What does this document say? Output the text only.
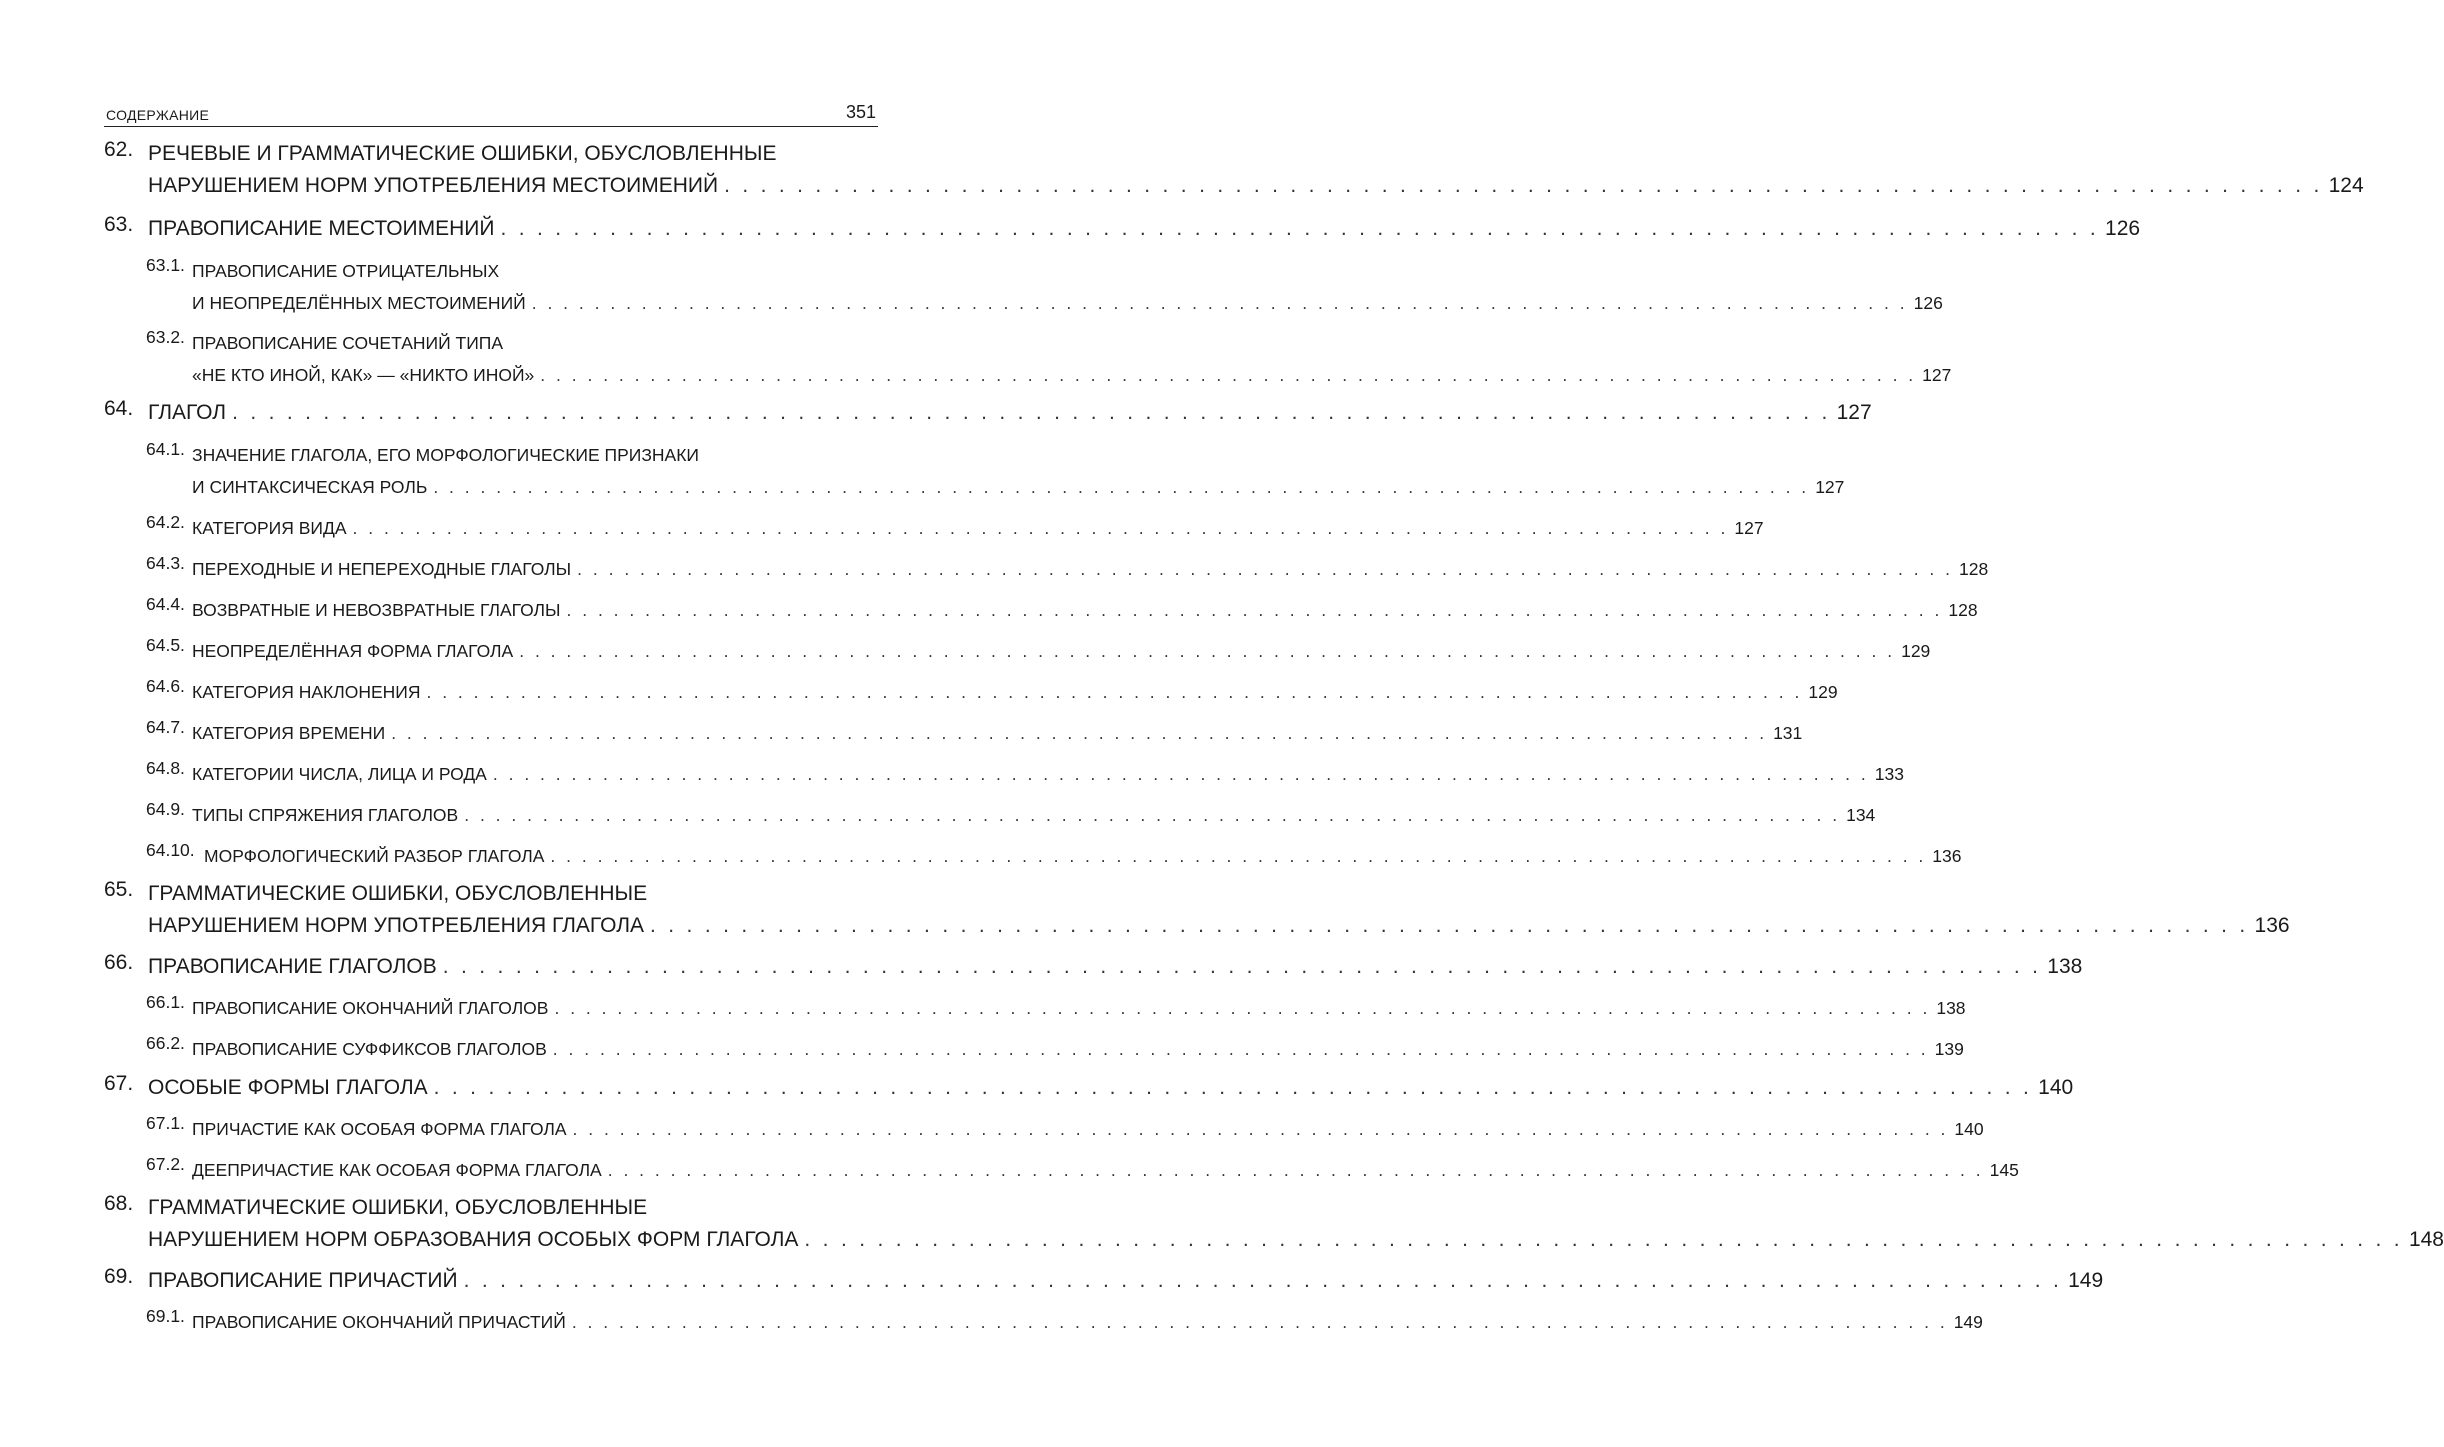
СОДЕРЖАНИЕ	351
62. РЕЧЕВЫЕ И ГРАММАТИЧЕСКИЕ ОШИБКИ, ОБУСЛОВЛЕННЫЕ
НАРУШЕНИЕМ НОРМ УПОТРЕБЛЕНИЯ МЕСТОИМЕНИЙ . . . . . . . . . . . . . . . . . . . . . . . . . . . . . . . . . . . . . . . . . . . . . . . . . . . . . . . . . . . . . . . . . . . . . . . . . . . . . . . . . . . . . . . . 124
63. ПРАВОПИСАНИЕ МЕСТОИМЕНИЙ . . . . . . . . . . . . . . . . . . . . . . . . . . . . . . . . . . . . . . . . . . . . . . . . . . . . . . . . . . . . . . . . . . . . . . . . . . . . . . . . . . . . . . . . 126
63.1. ПРАВОПИСАНИЕ ОТРИЦАТЕЛЬНЫХ
И НЕОПРЕДЕЛЁННЫХ МЕСТОИМЕНИЙ . . . . . . . . . . . . . . . . . . . . . . . . . . . . . . . . . . . . . . . . . . . . . . . . . . . . . . . . . . . . . . . . . . . . . . . . . . . . . . . . . . . . . . . . 126
63.2. ПРАВОПИСАНИЕ СОЧЕТАНИЙ ТИПА
«НЕ КТО ИНОЙ, КАК» — «НИКТО ИНОЙ» . . . . . . . . . . . . . . . . . . . . . . . . . . . . . . . . . . . . . . . . . . . . . . . . . . . . . . . . . . . . . . . . . . . . . . . . . . . . . . . . . . . . . . . . 127
64. ГЛАГОЛ . . . . . . . . . . . . . . . . . . . . . . . . . . . . . . . . . . . . . . . . . . . . . . . . . . . . . . . . . . . . . . . . . . . . . . . . . . . . . . . . . . . . . . . . 127
64.1. ЗНАЧЕНИЕ ГЛАГОЛА, ЕГО МОРФОЛОГИЧЕСКИЕ ПРИЗНАКИ
И СИНТАКСИЧЕСКАЯ РОЛЬ . . . . . . . . . . . . . . . . . . . . . . . . . . . . . . . . . . . . . . . . . . . . . . . . . . . . . . . . . . . . . . . . . . . . . . . . . . . . . . . . . . . . . . . . 127
64.2. КАТЕГОРИЯ ВИДА . . . . . . . . . . . . . . . . . . . . . . . . . . . . . . . . . . . . . . . . . . . . . . . . . . . . . . . . . . . . . . . . . . . . . . . . . . . . . . . . . . . . . . . . 127
64.3. ПЕРЕХОДНЫЕ И НЕПЕРЕХОДНЫЕ ГЛАГОЛЫ . . . . . . . . . . . . . . . . . . . . . . . . . . . . . . . . . . . . . . . . . . . . . . . . . . . . . . . . . . . . . . . . . . . . . . . . . . . . . . . . . . . . . . . . 128
64.4. ВОЗВРАТНЫЕ И НЕВОЗВРАТНЫЕ ГЛАГОЛЫ . . . . . . . . . . . . . . . . . . . . . . . . . . . . . . . . . . . . . . . . . . . . . . . . . . . . . . . . . . . . . . . . . . . . . . . . . . . . . . . . . . . . . . . . 128
64.5. НЕОПРЕДЕЛЁННАЯ ФОРМА ГЛАГОЛА . . . . . . . . . . . . . . . . . . . . . . . . . . . . . . . . . . . . . . . . . . . . . . . . . . . . . . . . . . . . . . . . . . . . . . . . . . . . . . . . . . . . . . . . 129
64.6. КАТЕГОРИЯ НАКЛОНЕНИЯ . . . . . . . . . . . . . . . . . . . . . . . . . . . . . . . . . . . . . . . . . . . . . . . . . . . . . . . . . . . . . . . . . . . . . . . . . . . . . . . . . . . . . . . . 129
64.7. КАТЕГОРИЯ ВРЕМЕНИ . . . . . . . . . . . . . . . . . . . . . . . . . . . . . . . . . . . . . . . . . . . . . . . . . . . . . . . . . . . . . . . . . . . . . . . . . . . . . . . . . . . . . . . . 131
64.8. КАТЕГОРИИ ЧИСЛА, ЛИЦА И РОДА . . . . . . . . . . . . . . . . . . . . . . . . . . . . . . . . . . . . . . . . . . . . . . . . . . . . . . . . . . . . . . . . . . . . . . . . . . . . . . . . . . . . . . . . 133
64.9. ТИПЫ СПРЯЖЕНИЯ ГЛАГОЛОВ . . . . . . . . . . . . . . . . . . . . . . . . . . . . . . . . . . . . . . . . . . . . . . . . . . . . . . . . . . . . . . . . . . . . . . . . . . . . . . . . . . . . . . . . 134
64.10. МОРФОЛОГИЧЕСКИЙ РАЗБОР ГЛАГОЛА . . . . . . . . . . . . . . . . . . . . . . . . . . . . . . . . . . . . . . . . . . . . . . . . . . . . . . . . . . . . . . . . . . . . . . . . . . . . . . . . . . . . . . . . 136
65. ГРАММАТИЧЕСКИЕ ОШИБКИ, ОБУСЛОВЛЕННЫЕ
НАРУШЕНИЕМ НОРМ УПОТРЕБЛЕНИЯ ГЛАГОЛА . . . . . . . . . . . . . . . . . . . . . . . . . . . . . . . . . . . . . . . . . . . . . . . . . . . . . . . . . . . . . . . . . . . . . . . . . . . . . . . . . . . . . . . . 136
66. ПРАВОПИСАНИЕ ГЛАГОЛОВ . . . . . . . . . . . . . . . . . . . . . . . . . . . . . . . . . . . . . . . . . . . . . . . . . . . . . . . . . . . . . . . . . . . . . . . . . . . . . . . . . . . . . . . . 138
66.1. ПРАВОПИСАНИЕ ОКОНЧАНИЙ ГЛАГОЛОВ . . . . . . . . . . . . . . . . . . . . . . . . . . . . . . . . . . . . . . . . . . . . . . . . . . . . . . . . . . . . . . . . . . . . . . . . . . . . . . . . . . . . . . . . 138
66.2. ПРАВОПИСАНИЕ СУФФИКСОВ ГЛАГОЛОВ . . . . . . . . . . . . . . . . . . . . . . . . . . . . . . . . . . . . . . . . . . . . . . . . . . . . . . . . . . . . . . . . . . . . . . . . . . . . . . . . . . . . . . . . 139
67. ОСОБЫЕ ФОРМЫ ГЛАГОЛА . . . . . . . . . . . . . . . . . . . . . . . . . . . . . . . . . . . . . . . . . . . . . . . . . . . . . . . . . . . . . . . . . . . . . . . . . . . . . . . . . . . . . . . . 140
67.1. ПРИЧАСТИЕ КАК ОСОБАЯ ФОРМА ГЛАГОЛА . . . . . . . . . . . . . . . . . . . . . . . . . . . . . . . . . . . . . . . . . . . . . . . . . . . . . . . . . . . . . . . . . . . . . . . . . . . . . . . . . . . . . . . . 140
67.2. ДЕЕПРИЧАСТИЕ КАК ОСОБАЯ ФОРМА ГЛАГОЛА . . . . . . . . . . . . . . . . . . . . . . . . . . . . . . . . . . . . . . . . . . . . . . . . . . . . . . . . . . . . . . . . . . . . . . . . . . . . . . . . . . . . . . . . 145
68. ГРАММАТИЧЕСКИЕ ОШИБКИ, ОБУСЛОВЛЕННЫЕ
НАРУШЕНИЕМ НОРМ ОБРАЗОВАНИЯ ОСОБЫХ ФОРМ ГЛАГОЛА . . . . . . . . . . . . . . . . . . . . . . . . . . . . . . . . . . . . . . . . . . . . . . . . . . . . . . . . . . . . . . . . . . . . . . . . . . . . . . . . . . . . . . . . 148
69. ПРАВОПИСАНИЕ ПРИЧАСТИЙ . . . . . . . . . . . . . . . . . . . . . . . . . . . . . . . . . . . . . . . . . . . . . . . . . . . . . . . . . . . . . . . . . . . . . . . . . . . . . . . . . . . . . . . . 149
69.1. ПРАВОПИСАНИЕ ОКОНЧАНИЙ ПРИЧАСТИЙ . . . . . . . . . . . . . . . . . . . . . . . . . . . . . . . . . . . . . . . . . . . . . . . . . . . . . . . . . . . . . . . . . . . . . . . . . . . . . . . . . . . . . . . . 149
